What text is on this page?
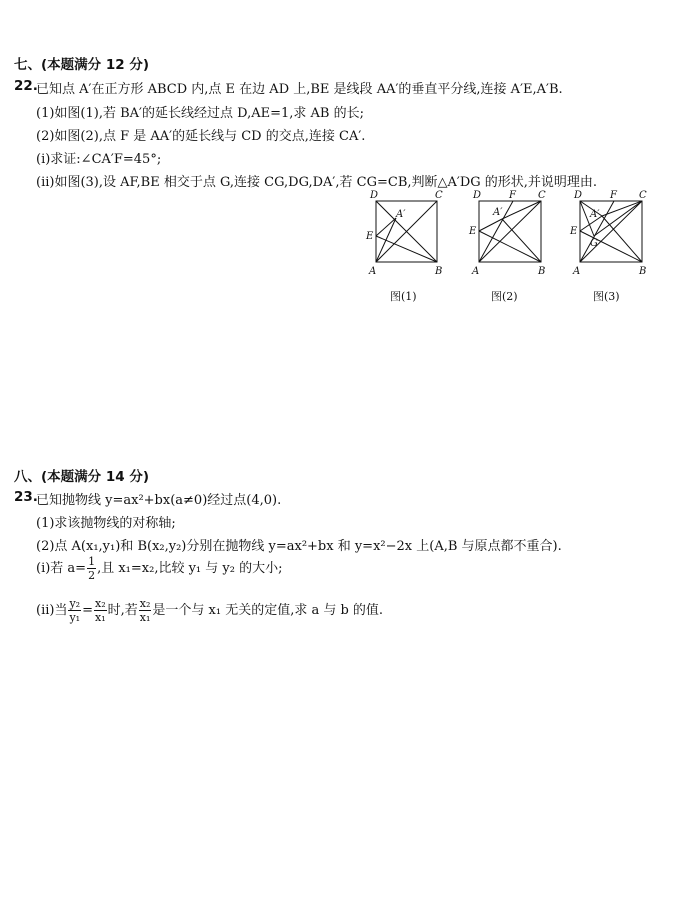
七、(本题满分 12 分)
22.
已知点 A′在正方形 ABCD 内,点 E 在边 AD 上,BE 是线段 AA′的垂直平分线,连接 A′E,A′B.
(1)如图(1),若 BA′的延长线经过点 D,AE=1,求 AB 的长;
(2)如图(2),点 F 是 AA′的延长线与 CD 的交点,连接 CA′.
(i)求证:∠CA′F=45°;
(ii)如图(3),设 AF,BE 相交于点 G,连接 CG,DG,DA′,若 CG=CB,判断△A′DG 的形状,并说明理由.
D	C
A	B
E
A′
图(1)
D	F C
A	B
E
A′
图(2)
D	F C
A	B
E
A′
G
图(3)
八、(本题满分 14 分)
23.
已知抛物线 y=ax²+bx(a≠0)经过点(4,0).
(1)求该抛物线的对称轴;
(2)点 A(x₁,y₁)和 B(x₂,y₂)分别在抛物线 y=ax²+bx 和 y=x²−2x 上(A,B 与原点都不重合).
(i)若 $a= \frac{1}{2}$ ,且 x₁=x₂,比较 y₁ 与 y₂ 的大小;
(ii)当 $\frac{\text{y₂}}{\text{y₁}} = \frac{\text{x₂}}{\text{x₁}}$ 时,若 $\frac{\text{x₂}}{\text{x₁}}$ 是一个与 x₁ 无关的定值,求 a 与 b 的值.
